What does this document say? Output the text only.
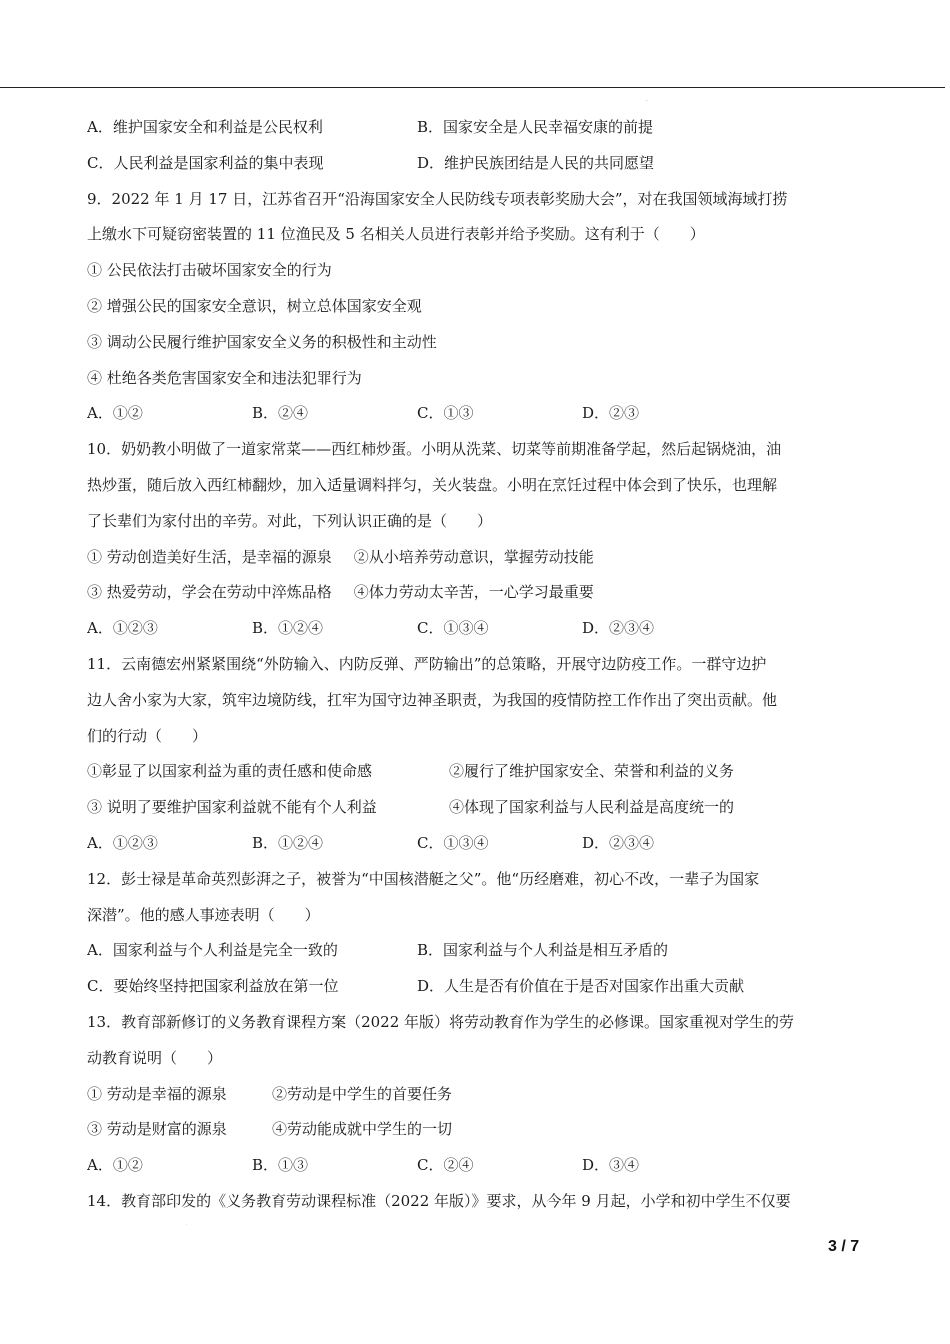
·
A．维护国家安全和利益是公民权利	B．国家安全是人民幸福安康的前提
C．人民利益是国家利益的集中表现	D．维护民族团结是人民的共同愿望
9．2022 年 1 月 17 日，江苏省召开“沿海国家安全人民防线专项表彰奖励大会”，对在我国领域海域打捞
上缴水下可疑窃密装置的 11 位渔民及 5 名相关人员进行表彰并给予奖励。这有利于（　　）
① 公民依法打击破坏国家安全的行为
② 增强公民的国家安全意识，树立总体国家安全观
③ 调动公民履行维护国家安全义务的积极性和主动性
④ 杜绝各类危害国家安全和违法犯罪行为
A．①②	B．②④	C．①③	D．②③
10．奶奶教小明做了一道家常菜——西红柿炒蛋。小明从洗菜、切菜等前期准备学起，然后起锅烧油，油
热炒蛋，随后放入西红柿翻炒，加入适量调料拌匀，关火装盘。小明在烹饪过程中体会到了快乐，也理解
了长辈们为家付出的辛劳。对此，下列认识正确的是（　　）
① 劳动创造美好生活，是幸福的源泉 ②从小培养劳动意识，掌握劳动技能
③ 热爱劳动，学会在劳动中淬炼品格 ④体力劳动太辛苦，一心学习最重要
A．①②③	B．①②④	C．①③④	D．②③④
11．云南德宏州紧紧围绕“外防输入、内防反弹、严防输出”的总策略，开展守边防疫工作。一群守边护
边人舍小家为大家，筑牢边境防线，扛牢为国守边神圣职责，为我国的疫情防控工作作出了突出贡献。他
们的行动（　　）
①彰显了以国家利益为重的责任感和使命感	②履行了维护国家安全、荣誉和利益的义务
③ 说明了要维护国家利益就不能有个人利益	④体现了国家利益与人民利益是高度统一的
A．①②③	B．①②④	C．①③④	D．②③④
12．彭士禄是革命英烈彭湃之子，被誉为“中国核潜艇之父”。他“历经磨难，初心不改，一辈子为国家
深潜”。他的感人事迹表明（　　）
A．国家利益与个人利益是完全一致的	B．国家利益与个人利益是相互矛盾的
C．要始终坚持把国家利益放在第一位	D．人生是否有价值在于是否对国家作出重大贡献
13．教育部新修订的义务教育课程方案（2022 年版）将劳动教育作为学生的必修课。国家重视对学生的劳
动教育说明（　　）
① 劳动是幸福的源泉	②劳动是中学生的首要任务
③ 劳动是财富的源泉	④劳动能成就中学生的一切
A．①②	B．①③	C．②④	D．③④
14．教育部印发的《义务教育劳动课程标准（2022 年版）》要求，从今年 9 月起，小学和初中学生不仅要
·
3 / 7
